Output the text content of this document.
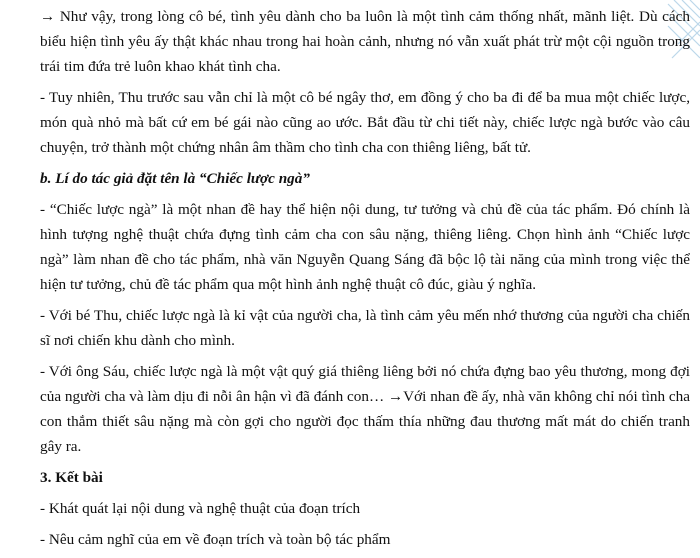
→ Như vậy, trong lòng cô bé, tình yêu dành cho ba luôn là một tình cảm thống nhất, mãnh liệt. Dù cách biểu hiện tình yêu ấy thật khác nhau trong hai hoàn cảnh, nhưng nó vẫn xuất phát trừ một cội nguồn trong trái tim đứa trẻ luôn khao khát tình cha.

- Tuy nhiên, Thu trước sau vẫn chỉ là một cô bé ngây thơ, em đồng ý cho ba đi để ba mua một chiếc lược, món quà nhỏ mà bất cứ em bé gái nào cũng ao ước. Bắt đầu từ chi tiết này, chiếc lược ngà bước vào câu chuyện, trở thành một chứng nhân âm thầm cho tình cha con thiêng liêng, bất tử.

b. Lí do tác giả đặt tên là “Chiếc lược ngà”

- “Chiếc lược ngà” là một nhan đề hay thể hiện nội dung, tư tưởng và chủ đề của tác phẩm. Đó chính là hình tượng nghệ thuật chứa đựng tình cảm cha con sâu nặng, thiêng liêng. Chọn hình ảnh “Chiếc lược ngà” làm nhan đề cho tác phẩm, nhà văn Nguyễn Quang Sáng đã bộc lộ tài năng của mình trong việc thể hiện tư tưởng, chủ đề tác phẩm qua một hình ảnh nghệ thuật cô đúc, giàu ý nghĩa.

- Với bé Thu, chiếc lược ngà là kỉ vật của người cha, là tình cảm yêu mến nhớ thương của người cha chiến sĩ nơi chiến khu dành cho mình.

- Với ông Sáu, chiếc lược ngà là một vật quý giá thiêng liêng bởi nó chứa đựng bao yêu thương, mong đợi của người cha và làm dịu đi nỗi ân hận vì đã đánh con… →Với nhan đề ấy, nhà văn không chỉ nói tình cha con thắm thiết sâu nặng mà còn gợi cho người đọc thấm thía những đau thương mất mát do chiến tranh gây ra.

3. Kết bài

- Khát quát lại nội dung và nghệ thuật của đoạn trích

- Nêu cảm nghĩ của em về đoạn trích và toàn bộ tác phẩm
